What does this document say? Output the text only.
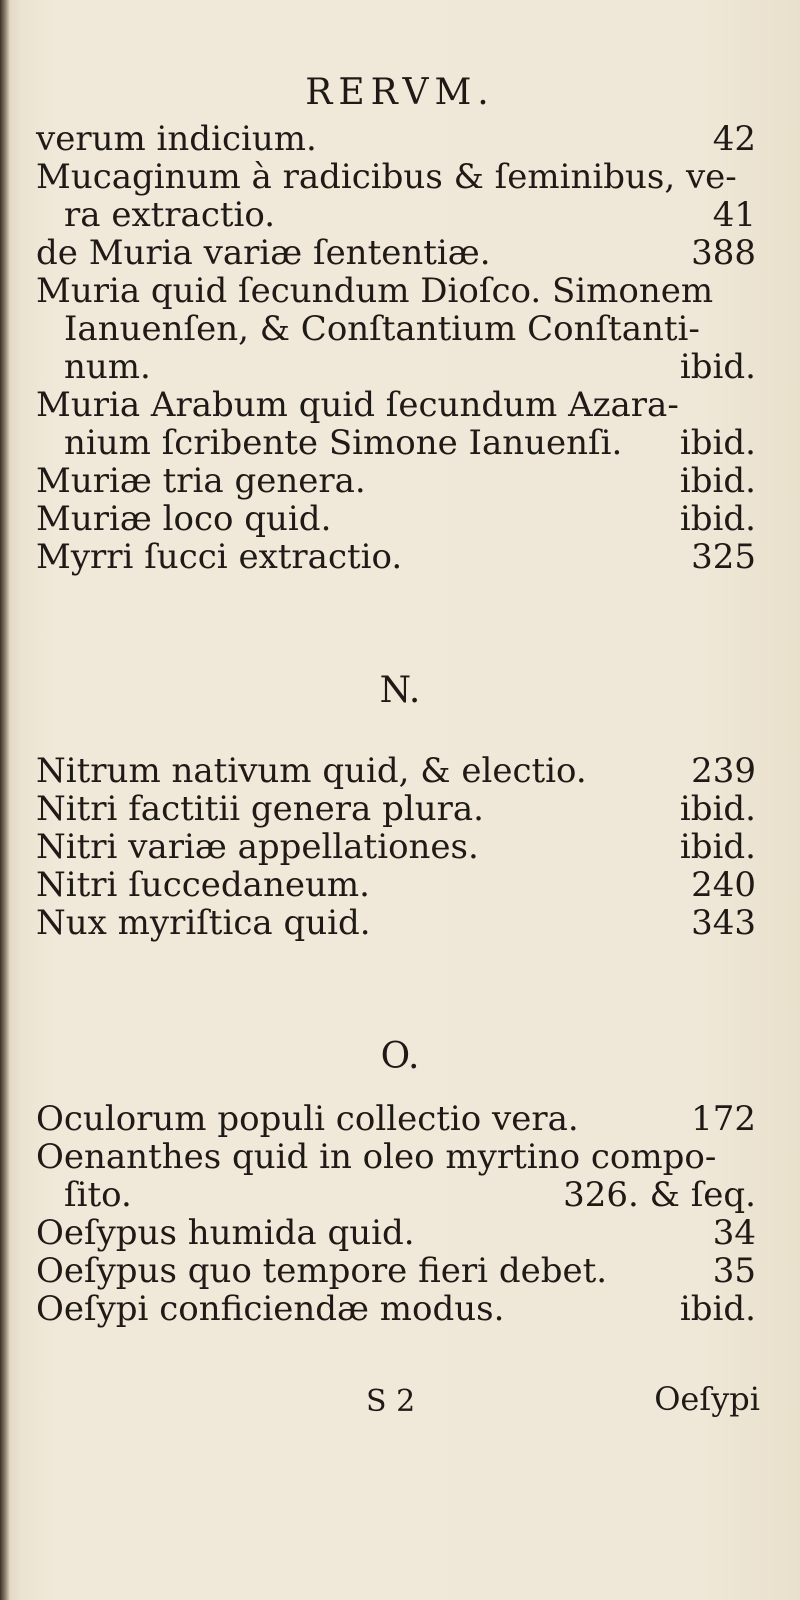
RERVM.
verum indicium.	42
Mucaginum à radicibus & ſeminibus, ve-
ra extractio.	41
de Muria variæ ſententiæ.	388
Muria quid ſecundum Dioſco. Simonem
Ianuenſen, & Conſtantium Conſtanti-
num.	ibid.
Muria Arabum quid ſecundum Azara-
nium ſcribente Simone Ianuenſi. ibid.
Muriæ tria genera.	ibid.
Muriæ loco quid.	ibid.
Myrri ſucci extractio.	325
N.
Nitrum nativum quid, & electio.	239
Nitri factitii genera plura.	ibid.
Nitri variæ appellationes.	ibid.
Nitri ſuccedaneum.	240
Nux myriſtica quid.	343
O.
Oculorum populi collectio vera.	172
Oenanthes quid in oleo myrtino compo-
ſito.	326. & ſeq.
Oeſypus humida quid.	34
Oeſypus quo tempore fieri debet.	35
Oeſypi conficiendæ modus.	ibid.
S 2	Oeſypi
